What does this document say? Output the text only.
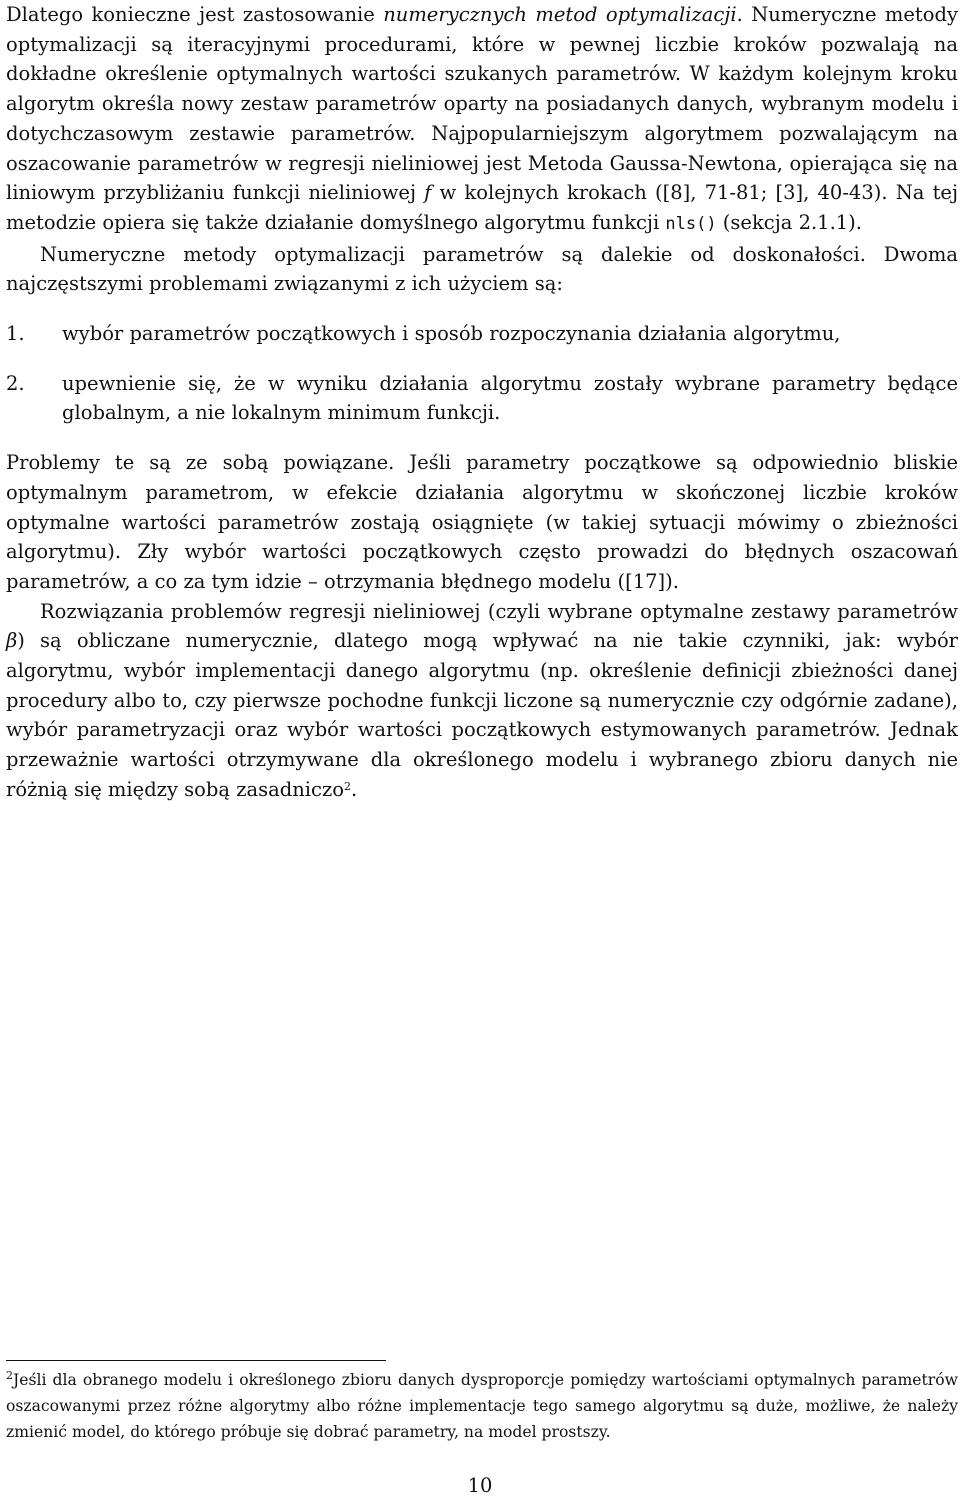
Dlatego konieczne jest zastosowanie numerycznych metod optymalizacji. Numeryczne metody optymalizacji są iteracyjnymi procedurami, które w pewnej liczbie kroków pozwalają na dokładne określenie optymalnych wartości szukanych parametrów. W każdym kolejnym kroku algorytm określa nowy zestaw parametrów oparty na posiadanych danych, wybranym modelu i dotychczasowym zestawie parametrów. Najpopularniejszym algorytmem pozwalającym na oszacowanie parametrów w regresji nieliniowej jest Metoda Gaussa-Newtona, opierająca się na liniowym przybliżaniu funkcji nieliniowej f w kolejnych krokach ([8], 71-81; [3], 40-43). Na tej metodzie opiera się także działanie domyślnego algorytmu funkcji nls() (sekcja 2.1.1).

Numeryczne metody optymalizacji parametrów są dalekie od doskonałości. Dwoma najczęstszymi problemami związanymi z ich użyciem są:

1. wybór parametrów początkowych i sposób rozpoczynania działania algorytmu,
2. upewnienie się, że w wyniku działania algorytmu zostały wybrane parametry będące globalnym, a nie lokalnym minimum funkcji.

Problemy te są ze sobą powiązane. Jeśli parametry początkowe są odpowiednio bliskie optymalnym parametrom, w efekcie działania algorytmu w skończonej liczbie kroków optymalne wartości parametrów zostają osiągnięte (w takiej sytuacji mówimy o zbieżności algorytmu). Zły wybór wartości początkowych często prowadzi do błędnych oszacowań parametrów, a co za tym idzie – otrzymania błędnego modelu ([17]).

Rozwiązania problemów regresji nieliniowej (czyli wybrane optymalne zestawy parametrów β) są obliczane numerycznie, dlatego mogą wpływać na nie takie czynniki, jak: wybór algorytmu, wybór implementacji danego algorytmu (np. określenie definicji zbieżności danej procedury albo to, czy pierwsze pochodne funkcji liczone są numerycznie czy odgórnie zadane), wybór parametryzacji oraz wybór wartości początkowych estymowanych parametrów. Jednak przeważnie wartości otrzymywane dla określonego modelu i wybranego zbioru danych nie różnią się między sobą zasadniczo$^2$.

$^2$Jeśli dla obranego modelu i określonego zbioru danych dysproporcje pomiędzy wartościami optymalnych parametrów oszacowanymi przez różne algorytmy albo różne implementacje tego samego algorytmu są duże, możliwe, że należy zmienić model, do którego próbuje się dobrać parametry, na model prostszy.
10
